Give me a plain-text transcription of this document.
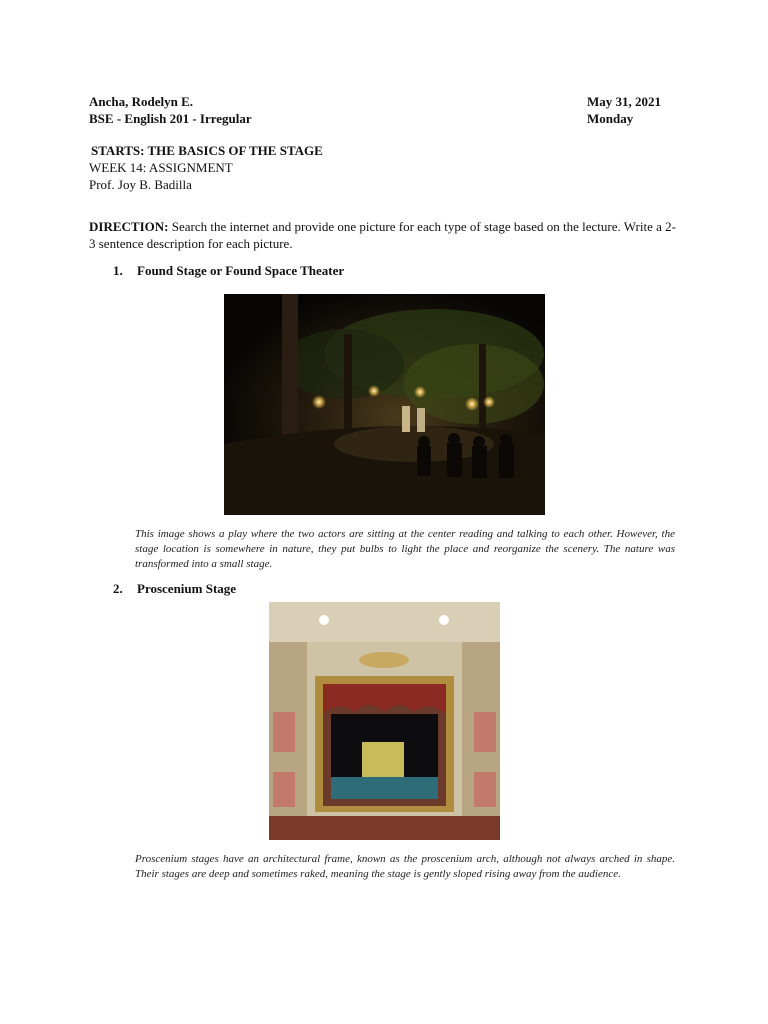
Ancha, Rodelyn E.
BSE - English 201 - Irregular
May 31, 2021
Monday
STARTS: THE BASICS OF THE STAGE
WEEK 14: ASSIGNMENT
Prof. Joy B. Badilla
DIRECTION: Search the internet and provide one picture for each type of stage based on the lecture. Write a 2-3 sentence description for each picture.
1. Found Stage or Found Space Theater
This image shows a play where the two actors are sitting at the center reading and talking to each other. However, the stage location is somewhere in nature, they put bulbs to light the place and reorganize the scenery. The nature was transformed into a small stage.
2. Proscenium Stage
Proscenium stages have an architectural frame, known as the proscenium arch, although not always arched in shape. Their stages are deep and sometimes raked, meaning the stage is gently sloped rising away from the audience.
